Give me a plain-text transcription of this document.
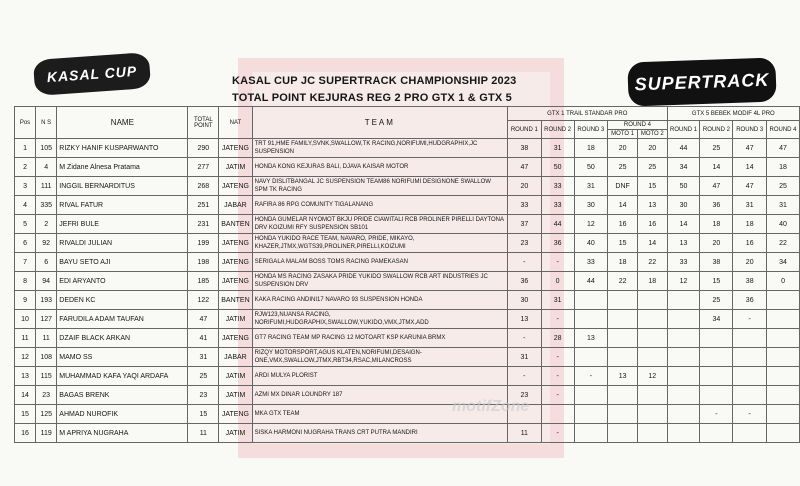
KASAL CUP	SUPERTRACK
KASAL CUP JC SUPERTRACK CHAMPIONSHIP 2023
TOTAL POINT KEJURAS REG 2 PRO GTX 1 & GTX 5
Pos	N S	NAME	TOTAL POINT	NAT	TEAM	GTX 1 TRAIL STANDAR PRO					GTX 5 BEBEK MODIF 4L PRO			
						ROUND 1	ROUND 2	ROUND 3	ROUND 4		ROUND 1	ROUND 2	ROUND 3	ROUND 4
									MOTO 1	MOTO 2				
1	105	RIZKY HANIF KUSPARWANTO	290	JATENG	TRT 91,HME FAMILY,SVNK,SWALLOW,TK RACING,NORIFUMI,HUDGRAPHIX,JC SUSPENSION	38	31	18	20	20	44	25	47	47
2	4	M Zidane Alnesa Pratama	277	JATIM	HONDA KONG KEJURAS BALI, DJAVA KAISAR MOTOR	47	50	50	25	25	34	14	14	18
3	111	INGGIL BERNARDITUS	268	JATENG	NAVY DISLITBANGAL JC SUSPENSION TEAM86 NORIFUMI DESIGNONE SWALLOW SPM TK RACING	20	33	31	DNF	15	50	47	47	25
4	335	RIVAL FATUR	251	JABAR	RAFIRA 86 RPG COMUNITY TIGALANANG	33	33	30	14	13	30	36	31	31
5	2	JEFRI BULE	231	BANTEN	HONDA GUMELAR NYOMOT BKJU PRIDE CIAWITALI RCB PROLINER PIRELLI DAYTONA DRV KOIZUMI RFY SUSPENSION SB101	37	44	12	16	16	14	18	18	40
6	92	RIVALDI JULIAN	199	JATENG	HONDA YUKIDO RACE TEAM, NAVARO, PRIDE, MIKAYO, KHAZER,JTMX,WGTS39,PROLINER,PIRELLI,KOIZUMI	23	36	40	15	14	13	20	16	22
7	6	BAYU SETO AJI	198	JATENG	SERIGALA MALAM BOSS TOMS RACING PAMEKASAN	-	-	33	18	22	33	38	20	34
8	94	EDI ARYANTO	185	JATENG	HONDA MS RACING ZASAKA PRIDE YUKIDO SWALLOW RCB ART INDUSTRIES JC SUSPENSION DRV	36	0	44	22	18	12	15	38	0
9	193	DEDEN KC	122	BANTEN	KAKA RACING ANDINI17 NAVARO 93 SUSPENSION HONDA	30	31					25	36	
10	127	FARUDILA ADAM TAUFAN	47	JATIM	RJW123,NUANSA RACING, NORIFUMI,HUDGRAPHIX,SWALLOW,YUKIDO,VMX,JTMX,ADD	13	-					34	-	
11	11	DZAIF BLACK ARKAN	41	JATENG	GT7 RACING TEAM MP RACING 12 MOTOART KSP KARUNIA BRMX	-	28	13						
12	108	MAMO SS	31	JABAR	RIZQY MOTORSPORT,AGUS KLATEN,NORIFUMI,DESAIGN-ONE,VMX,SWALLOW,JTMX,RBT34,RSAC,MILANCROSS	31	-							
13	115	MUHAMMAD KAFA YAQI ARDAFA	25	JATIM	ARDI MULYA PLORIST	-	-	-	13	12				
14	23	BAGAS BRENK	23	JATIM	AZMI MX DINAR LOUNDRY 187	23	-							
15	125	AHMAD NUROFIK	15	JATENG	MKA GTX TEAM							-	-	
16	119	M APRIYA NUGRAHA	11	JATIM	SISKA HARMONI NUGRAHA TRANS CRT PUTRA MANDIRI	11	-							
motifZone
